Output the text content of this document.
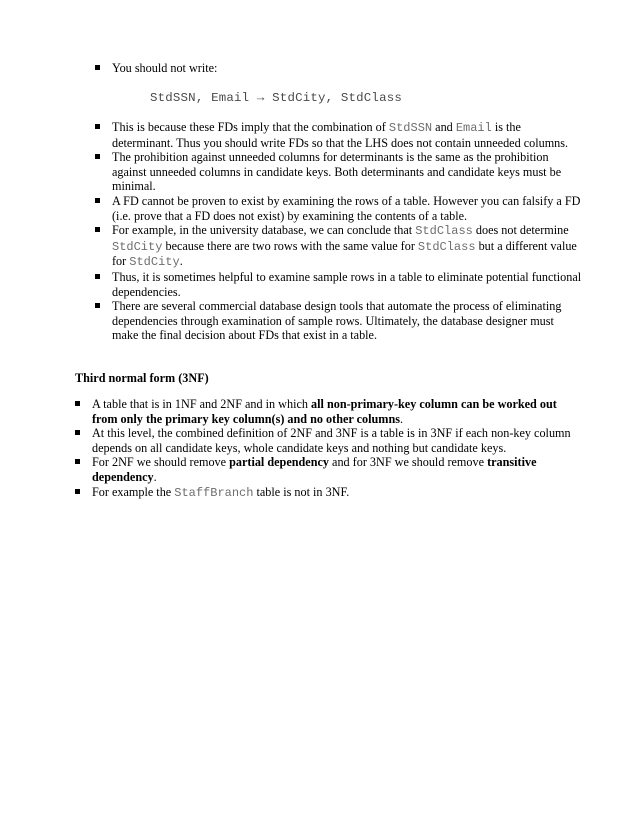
You should not write:
StdSSN, Email → StdCity, StdClass
This is because these FDs imply that the combination of StdSSN and Email is the determinant. Thus you should write FDs so that the LHS does not contain unneeded columns.
The prohibition against unneeded columns for determinants is the same as the prohibition against unneeded columns in candidate keys. Both determinants and candidate keys must be minimal.
A FD cannot be proven to exist by examining the rows of a table. However you can falsify a FD (i.e. prove that a FD does not exist) by examining the contents of a table.
For example, in the university database, we can conclude that StdClass does not determine StdCity because there are two rows with the same value for StdClass but a different value for StdCity.
Thus, it is sometimes helpful to examine sample rows in a table to eliminate potential functional dependencies.
There are several commercial database design tools that automate the process of eliminating dependencies through examination of sample rows. Ultimately, the database designer must make the final decision about FDs that exist in a table.
Third normal form (3NF)
A table that is in 1NF and 2NF and in which all non-primary-key column can be worked out from only the primary key column(s) and no other columns.
At this level, the combined definition of 2NF and 3NF is a table is in 3NF if each non-key column depends on all candidate keys, whole candidate keys and nothing but candidate keys.
For 2NF we should remove partial dependency and for 3NF we should remove transitive dependency.
For example the StaffBranch table is not in 3NF.
